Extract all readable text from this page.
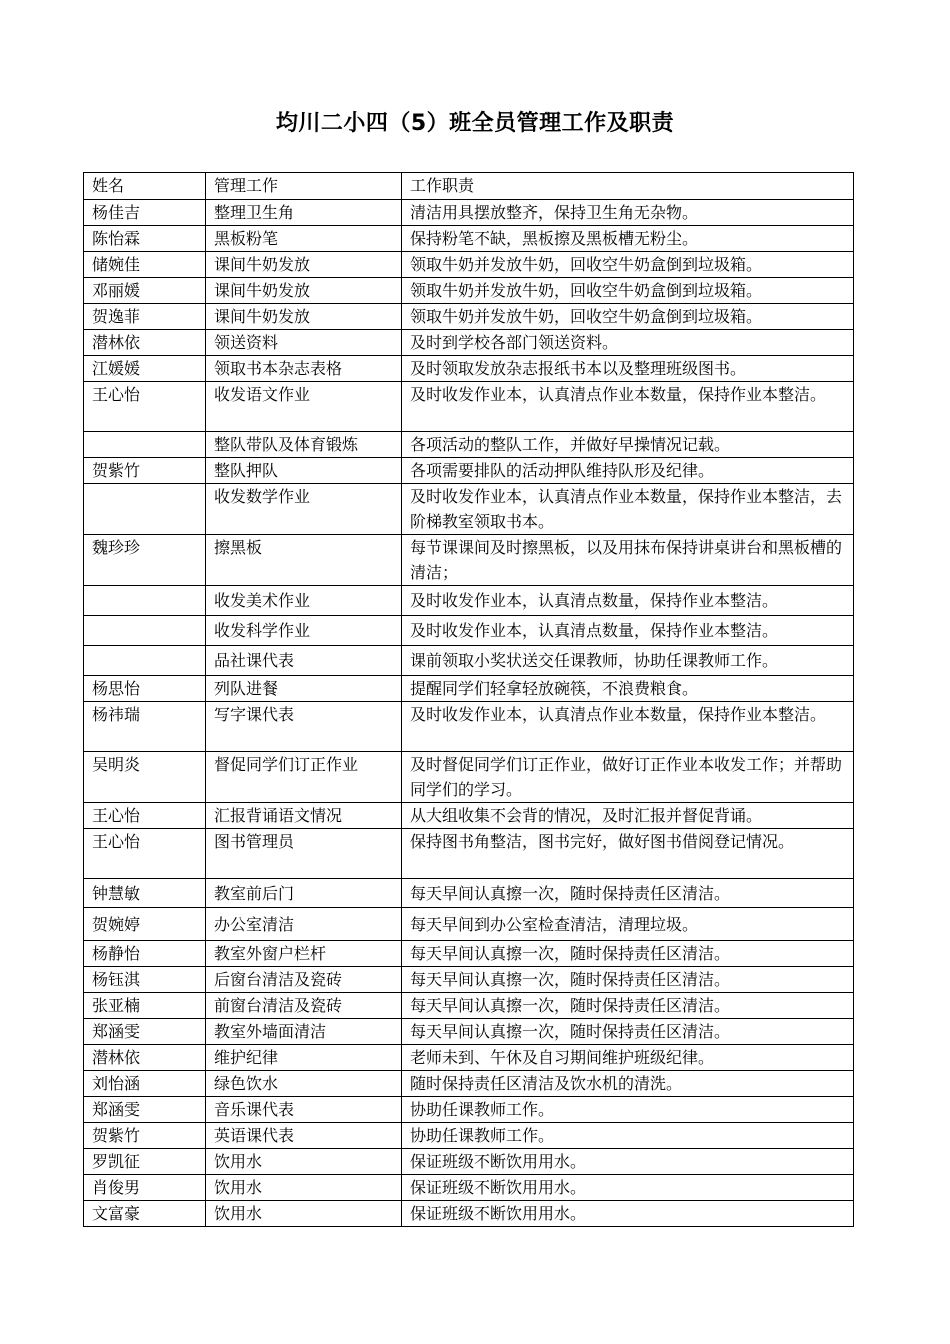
均川二小四（5）班全员管理工作及职责
姓名	管理工作	工作职责
杨佳吉	整理卫生角	清洁用具摆放整齐，保持卫生角无杂物。
陈怡霖	黑板粉笔	保持粉笔不缺，黑板擦及黑板槽无粉尘。
储婉佳	课间牛奶发放	领取牛奶并发放牛奶，回收空牛奶盒倒到垃圾箱。
邓丽媛	课间牛奶发放	领取牛奶并发放牛奶，回收空牛奶盒倒到垃圾箱。
贺逸菲	课间牛奶发放	领取牛奶并发放牛奶，回收空牛奶盒倒到垃圾箱。
潜林依	领送资料	及时到学校各部门领送资料。
江媛媛	领取书本杂志表格	及时领取发放杂志报纸书本以及整理班级图书。
王心怡	收发语文作业	及时收发作业本，认真清点作业本数量，保持作业本整洁。
	整队带队及体育锻炼	各项活动的整队工作，并做好早操情况记载。
贺紫竹	整队押队	各项需要排队的活动押队维持队形及纪律。
	收发数学作业	及时收发作业本，认真清点作业本数量，保持作业本整洁，去阶梯教室领取书本。
魏珍珍	擦黑板	每节课课间及时擦黑板，以及用抹布保持讲桌讲台和黑板槽的清洁；
	收发美术作业	及时收发作业本，认真清点数量，保持作业本整洁。
	收发科学作业	及时收发作业本，认真清点数量，保持作业本整洁。
	品社课代表	课前领取小奖状送交任课教师，协助任课教师工作。
杨思怡	列队进餐	提醒同学们轻拿轻放碗筷，不浪费粮食。
杨祎瑞	写字课代表	及时收发作业本，认真清点作业本数量，保持作业本整洁。
吴明炎	督促同学们订正作业	及时督促同学们订正作业，做好订正作业本收发工作；并帮助同学们的学习。
王心怡	汇报背诵语文情况	从大组收集不会背的情况，及时汇报并督促背诵。
王心怡	图书管理员	保持图书角整洁，图书完好，做好图书借阅登记情况。
钟慧敏	教室前后门	每天早间认真擦一次，随时保持责任区清洁。
贺婉婷	办公室清洁	每天早间到办公室检查清洁，清理垃圾。
杨静怡	教室外窗户栏杆	每天早间认真擦一次，随时保持责任区清洁。
杨钰淇	后窗台清洁及瓷砖	每天早间认真擦一次，随时保持责任区清洁。
张亚楠	前窗台清洁及瓷砖	每天早间认真擦一次，随时保持责任区清洁。
郑涵雯	教室外墙面清洁	每天早间认真擦一次，随时保持责任区清洁。
潜林依	维护纪律	老师未到、午休及自习期间维护班级纪律。
刘怡涵	绿色饮水	随时保持责任区清洁及饮水机的清洗。
郑涵雯	音乐课代表	协助任课教师工作。
贺紫竹	英语课代表	协助任课教师工作。
罗凯征	饮用水	保证班级不断饮用用水。
肖俊男	饮用水	保证班级不断饮用用水。
文富豪	饮用水	保证班级不断饮用用水。
